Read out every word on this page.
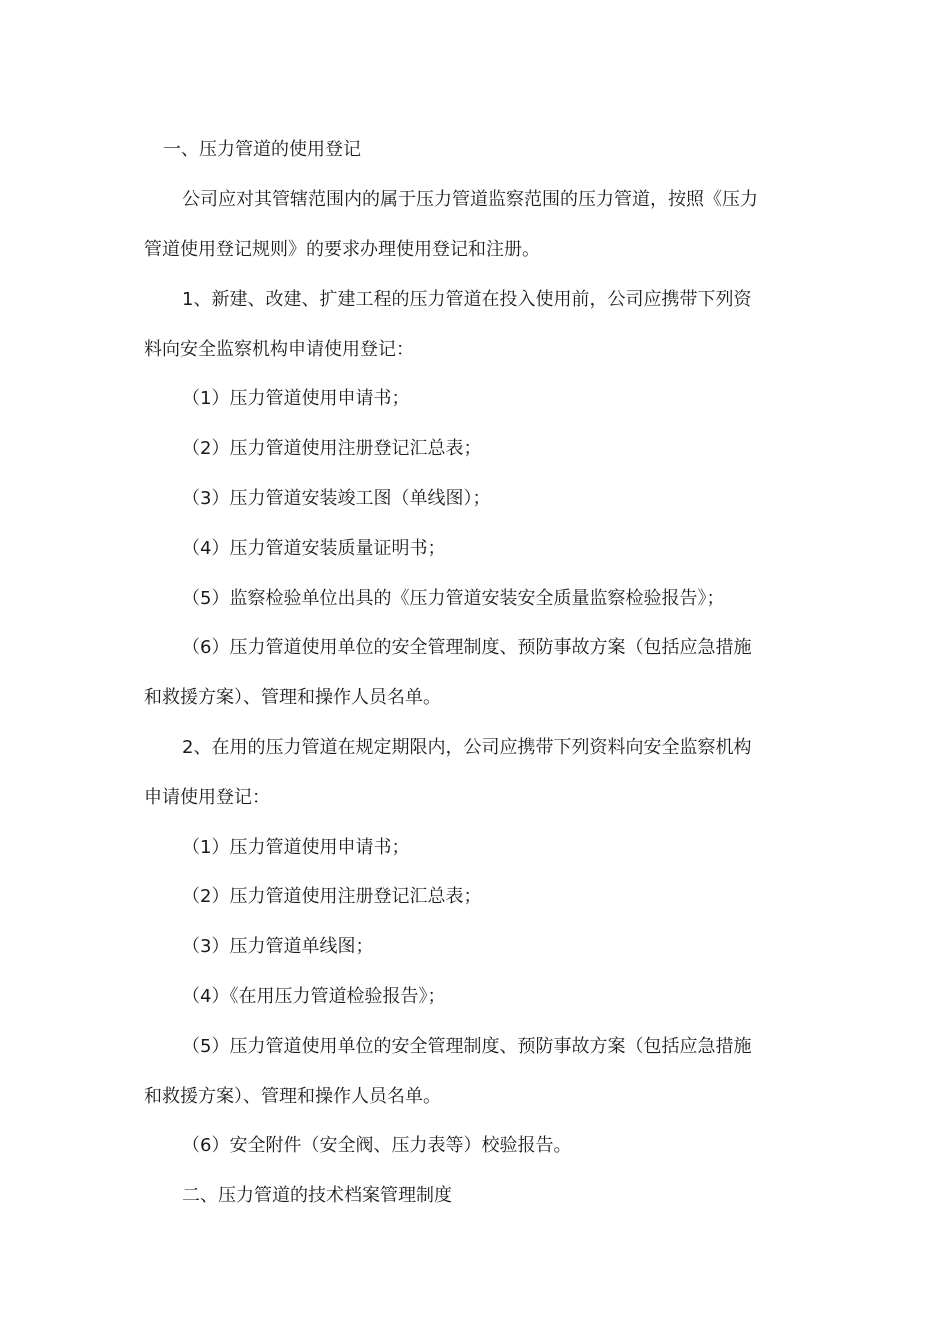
一、压力管道的使用登记
公司应对其管辖范围内的属于压力管道监察范围的压力管道，按照《压力
管道使用登记规则》的要求办理使用登记和注册。
1、新建、改建、扩建工程的压力管道在投入使用前，公司应携带下列资
料向安全监察机构申请使用登记：
（1）压力管道使用申请书；
（2）压力管道使用注册登记汇总表；
（3）压力管道安装竣工图（单线图）；
（4）压力管道安装质量证明书；
（5）监察检验单位出具的《压力管道安装安全质量监察检验报告》；
（6）压力管道使用单位的安全管理制度、预防事故方案（包括应急措施
和救援方案）、管理和操作人员名单。
2、在用的压力管道在规定期限内，公司应携带下列资料向安全监察机构
申请使用登记：
（1）压力管道使用申请书；
（2）压力管道使用注册登记汇总表；
（3）压力管道单线图；
（4）《在用压力管道检验报告》；
（5）压力管道使用单位的安全管理制度、预防事故方案（包括应急措施
和救援方案）、管理和操作人员名单。
（6）安全附件（安全阀、压力表等）校验报告。
二、压力管道的技术档案管理制度
